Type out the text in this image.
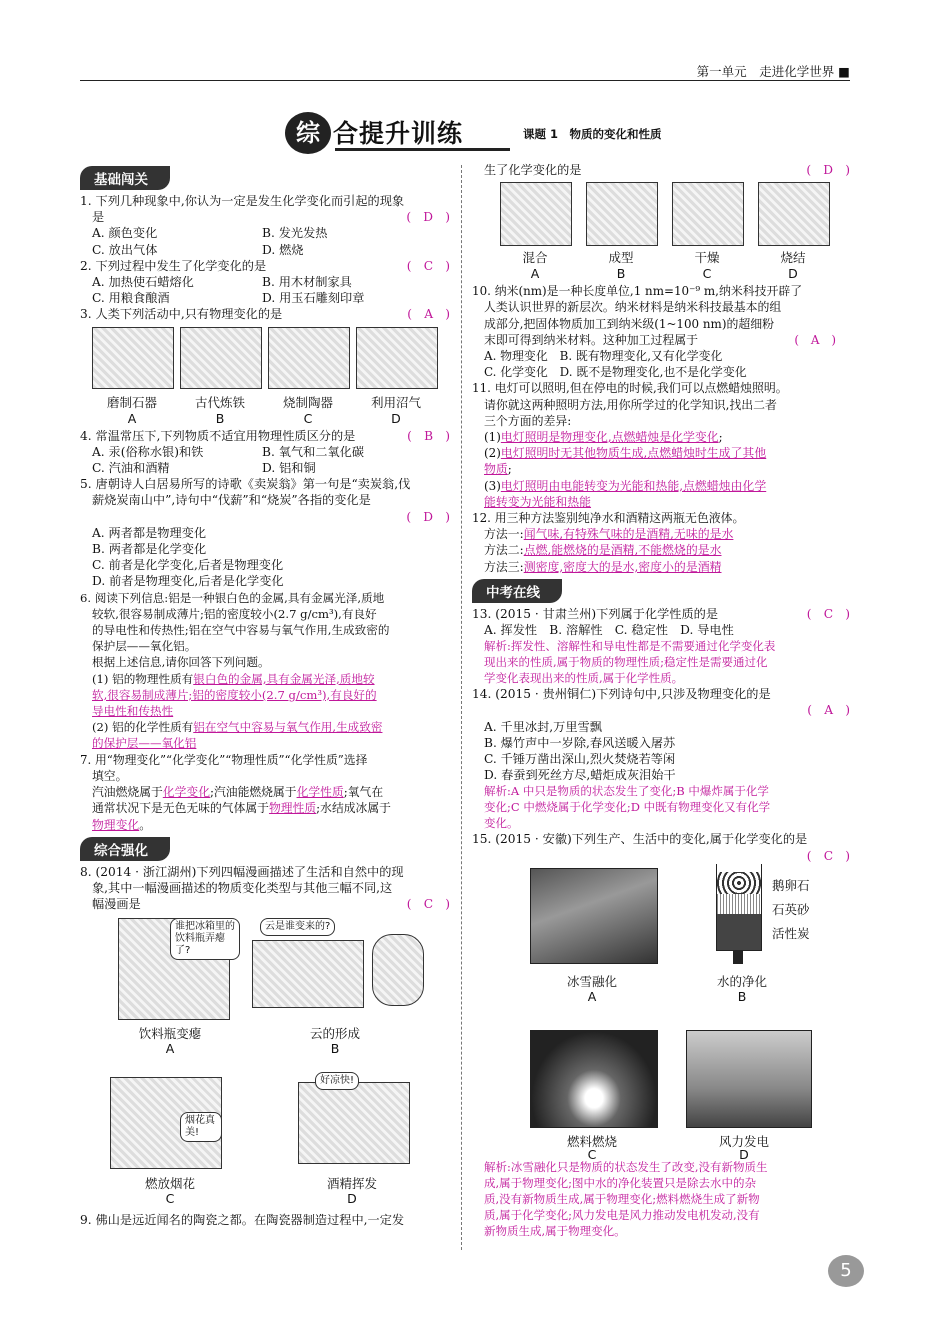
第一单元　 走进化学世界 ■
综 合提升训练	课题 1　物质的变化和性质
基础闯关
1. 下列几种现象中,你认为一定是发生化学变化而引起的现象
是	(　D　)
A. 颜色变化	B. 发光发热
C. 放出气体	D. 燃烧
2. 下列过程中发生了化学变化的是	(　C　)
A. 加热使石蜡熔化	B. 用木材制家具
C. 用粮食酿酒	D. 用玉石雕刻印章
3. 人类下列活动中,只有物理变化的是	(　A　)
磨制石器
A
古代炼铁
B
烧制陶器
C
利用沼气
D
4. 常温常压下,下列物质不适宜用物理性质区分的是	(　B　)
A. 汞(俗称水银)和铁	B. 氧气和二氧化碳
C. 汽油和酒精	D. 铝和铜
5. 唐朝诗人白居易所写的诗歌《卖炭翁》第一句是“卖炭翁,伐
薪烧炭南山中”,诗句中“伐薪”和“烧炭”各指的变化是
(　D　)

A. 两者都是物理变化
B. 两者都是化学变化
C. 前者是化学变化,后者是物理变化
D. 前者是物理变化,后者是化学变化
6. 阅读下列信息:铝是一种银白色的金属,具有金属光泽,质地
较软,很容易制成薄片;铝的密度较小(2.7 g/cm³),有良好
的导电性和传热性;铝在空气中容易与氧气作用,生成致密的
保护层——氧化铝。
根据上述信息,请你回答下列问题。
(1) 铝的物理性质有银白色的金属,具有金属光泽,质地较
软,很容易制成薄片;铝的密度较小(2.7 g/cm³),有良好的
导电性和传热性
(2) 铝的化学性质有铝在空气中容易与氧气作用,生成致密
的保护层——氧化铝
7. 用“物理变化”“化学变化”“物理性质”“化学性质”选择
填空。
汽油燃烧属于化学变化;汽油能燃烧属于化学性质;氧气在
通常状况下是无色无味的气体属于物理性质;水结成冰属于
物理变化。
综合强化
8. (2014 · 浙江湖州)下列四幅漫画描述了生活和自然中的现
象,其中一幅漫画描述的物质变化类型与其他三幅不同,这
幅漫画是	(　C　)
谁把冰箱里的饮料瓶弄瘪了?
饮料瓶变瘪
A
云是谁变来的?
云的形成
B
烟花真美!
燃放烟花
C
好凉快!
酒精挥发
D
9. 佛山是远近闻名的陶瓷之都。在陶瓷器制造过程中,一定发
生了化学变化的是	(　D　)
混合
A
成型
B
干燥
C
烧结
D
10. 纳米(nm)是一种长度单位,1 nm=10⁻⁹ m,纳米科技开辟了
人类认识世界的新层次。纳米材料是纳米科技最基本的组
成部分,把固体物质加工到纳米级(1~100 nm)的超细粉
末即可得到纳米材料。这种加工过程属于	(　A　)
A. 物理变化　B. 既有物理变化,又有化学变化
C. 化学变化　D. 既不是物理变化,也不是化学变化
11. 电灯可以照明,但在停电的时候,我们可以点燃蜡烛照明。
请你就这两种照明方法,用你所学过的化学知识,找出二者
三个方面的差异:
(1)电灯照明是物理变化,点燃蜡烛是化学变化;
(2)电灯照明时无其他物质生成,点燃蜡烛时生成了其他
物质;
(3)电灯照明由电能转变为光能和热能,点燃蜡烛由化学
能转变为光能和热能
12. 用三种方法鉴别纯净水和酒精这两瓶无色液体。
方法一:闻气味,有特殊气味的是酒精,无味的是水
方法二:点燃,能燃烧的是酒精,不能燃烧的是水
方法三:测密度,密度大的是水,密度小的是酒精
中考在线
13. (2015 · 甘肃兰州)下列属于化学性质的是	(　C　)
A. 挥发性　B. 溶解性　C. 稳定性　D. 导电性
解析:挥发性、溶解性和导电性都是不需要通过化学变化表
现出来的性质,属于物质的物理性质;稳定性是需要通过化
学变化表现出来的性质,属于化学性质。
14. (2015 · 贵州铜仁)下列诗句中,只涉及物理变化的是
(　A　)

A. 千里冰封,万里雪飘
B. 爆竹声中一岁除,春风送暖入屠苏
C. 千锤万凿出深山,烈火焚烧若等闲
D. 春蚕到死丝方尽,蜡炬成灰泪始干
解析:A 中只是物质的状态发生了变化;B 中爆炸属于化学
变化;C 中燃烧属于化学变化;D 中既有物理变化又有化学
变化。
15. (2015 · 安徽)下列生产、生活中的变化,属于化学变化的是
(　C　)

冰雪融化
A
鹅卵石
石英砂
活性炭
水的净化
B
燃料燃烧
C
风力发电
D
解析:冰雪融化只是物质的状态发生了改变,没有新物质生
成,属于物理变化;图中水的净化装置只是除去水中的杂
质,没有新物质生成,属于物理变化;燃料燃烧生成了新物
质,属于化学变化;风力发电是风力推动发电机发动,没有
新物质生成,属于物理变化。
5
